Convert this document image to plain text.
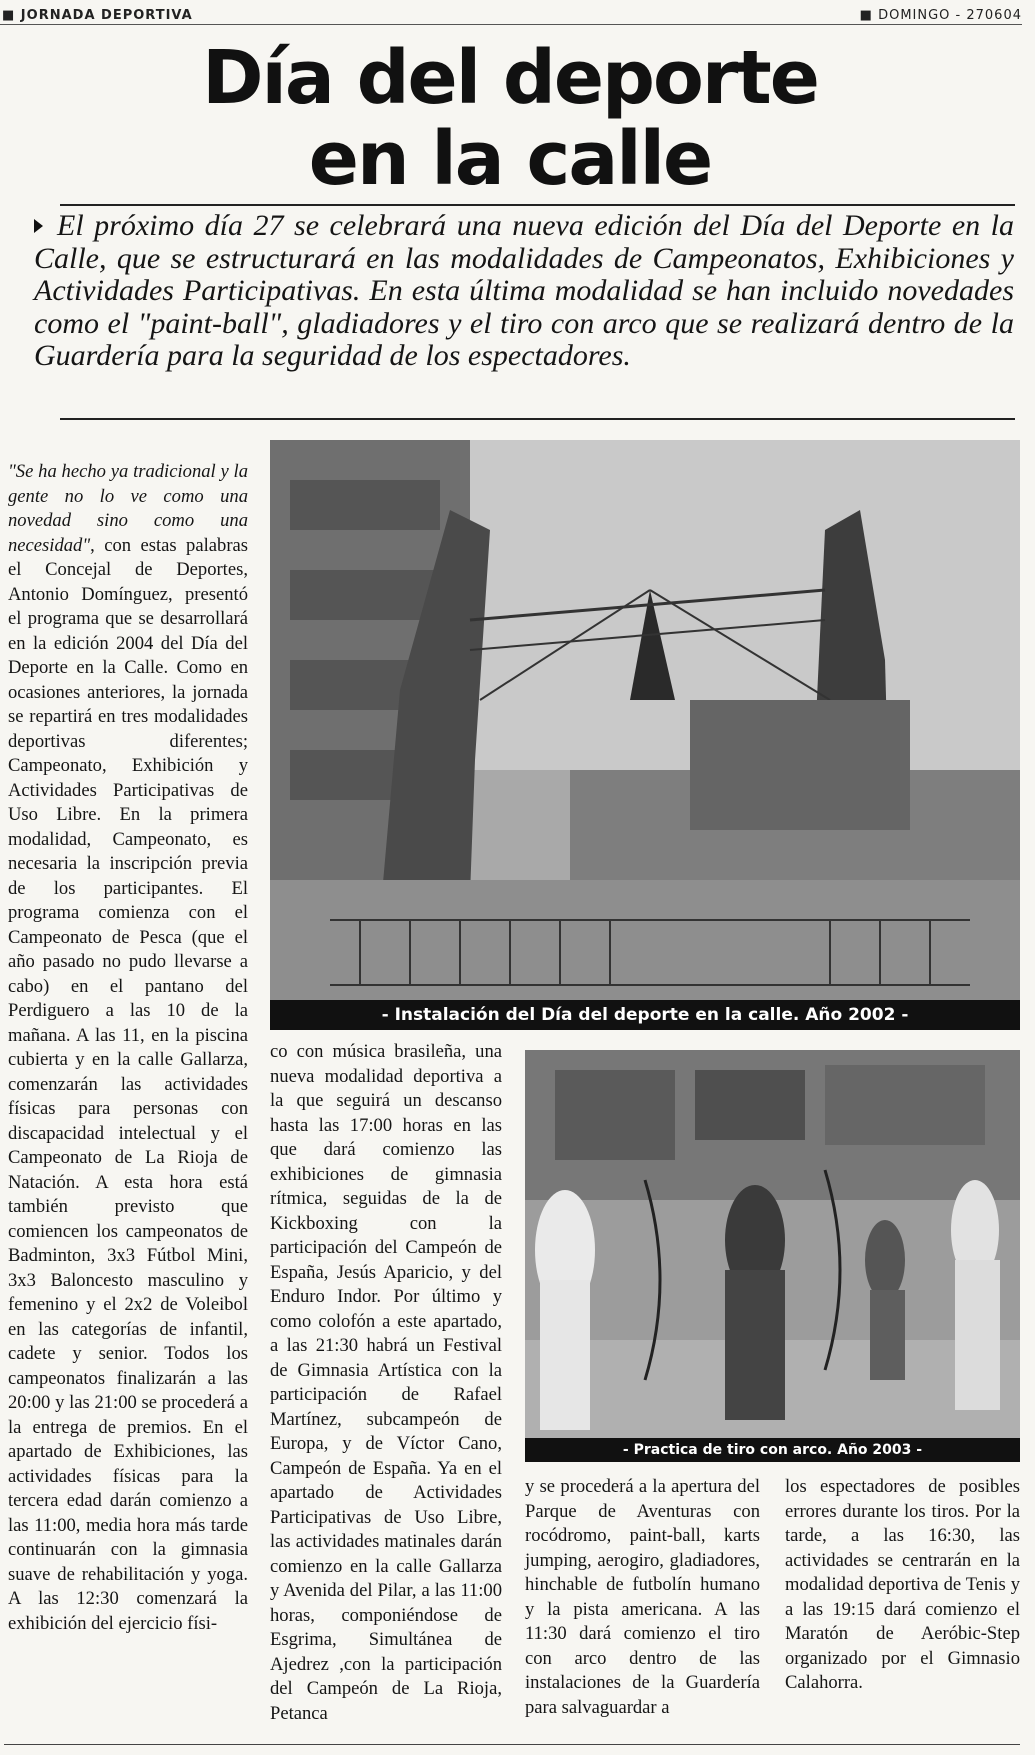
■ JORNADA DEPORTIVA	■ DOMINGO - 270604
Día del deporte
en la calle
El próximo día 27 se celebrará una nueva edición del Día del Deporte en la Calle, que se estructurará en las modalidades de Campeonatos, Exhibiciones y Actividades Participativas. En esta última modalidad se han incluido novedades como el "paint-ball", gladiadores y el tiro con arco que se realizará dentro de la Guardería para la seguridad de los espectadores.

"Se ha hecho ya tradicional y la gente no lo ve como una novedad sino como una necesidad", con estas palabras el Concejal de Deportes, Antonio Domínguez, presentó el programa que se desarrollará en la edición 2004 del Día del Deporte en la Calle. Como en ocasiones anteriores, la jornada se repartirá en tres modalidades deportivas diferentes; Campeonato, Exhibición y Actividades Participativas de Uso Libre. En la primera modalidad, Campeonato, es necesaria la inscripción previa de los participantes. El programa comienza con el Campeonato de Pesca (que el año pasado no pudo llevarse a cabo) en el pantano del Perdiguero a las 10 de la mañana. A las 11, en la piscina cubierta y en la calle Gallarza, comenzarán las actividades físicas para personas con discapacidad intelectual y el Campeonato de La Rioja de Natación. A esta hora está también previsto que comiencen los campeonatos de Badminton, 3x3 Fútbol Mini, 3x3 Baloncesto masculino y femenino y el 2x2 de Voleibol en las categorías de infantil, cadete y senior. Todos los campeonatos finalizarán a las 20:00 y las 21:00 se procederá a la entrega de premios. En el apartado de Exhibiciones, las actividades físicas para la tercera edad darán comienzo a las 11:00, media hora más tarde continuarán con la gimnasia suave de rehabilitación y yoga. A las 12:30 comenzará la exhibición del ejercicio físi-

- Instalación del Día del deporte en la calle. Año 2002 -

co con música brasileña, una nueva modalidad deportiva a la que seguirá un descanso hasta las 17:00 horas en las que dará comienzo las exhibiciones de gimnasia rítmica, seguidas de la de Kickboxing con la participación del Campeón de España, Jesús Aparicio, y del Enduro Indor. Por último y como colofón a este apartado, a las 21:30 habrá un Festival de Gimnasia Artística con la participación de Rafael Martínez, subcampeón de Europa, y de Víctor Cano, Campeón de España. Ya en el apartado de Actividades Participativas de Uso Libre, las actividades matinales darán comienzo en la calle Gallarza y Avenida del Pilar, a las 11:00 horas, componiéndose de Esgrima, Simultánea de Ajedrez ,con la participación del Campeón de La Rioja, Petanca

- Practica de tiro con arco. Año 2003 -

y se procederá a la apertura del Parque de Aventuras con rocódromo, paint-ball, karts jumping, aerogiro, gladiadores, hinchable de futbolín humano y la pista americana. A las 11:30 dará comienzo el tiro con arco dentro de las instalaciones de la Guardería para salvaguardar a

los espectadores de posibles errores durante los tiros. Por la tarde, a las 16:30, las actividades se centrarán en la modalidad deportiva de Tenis y a las 19:15 dará comienzo el Maratón de Aeróbic-Step organizado por el Gimnasio Calahorra.
